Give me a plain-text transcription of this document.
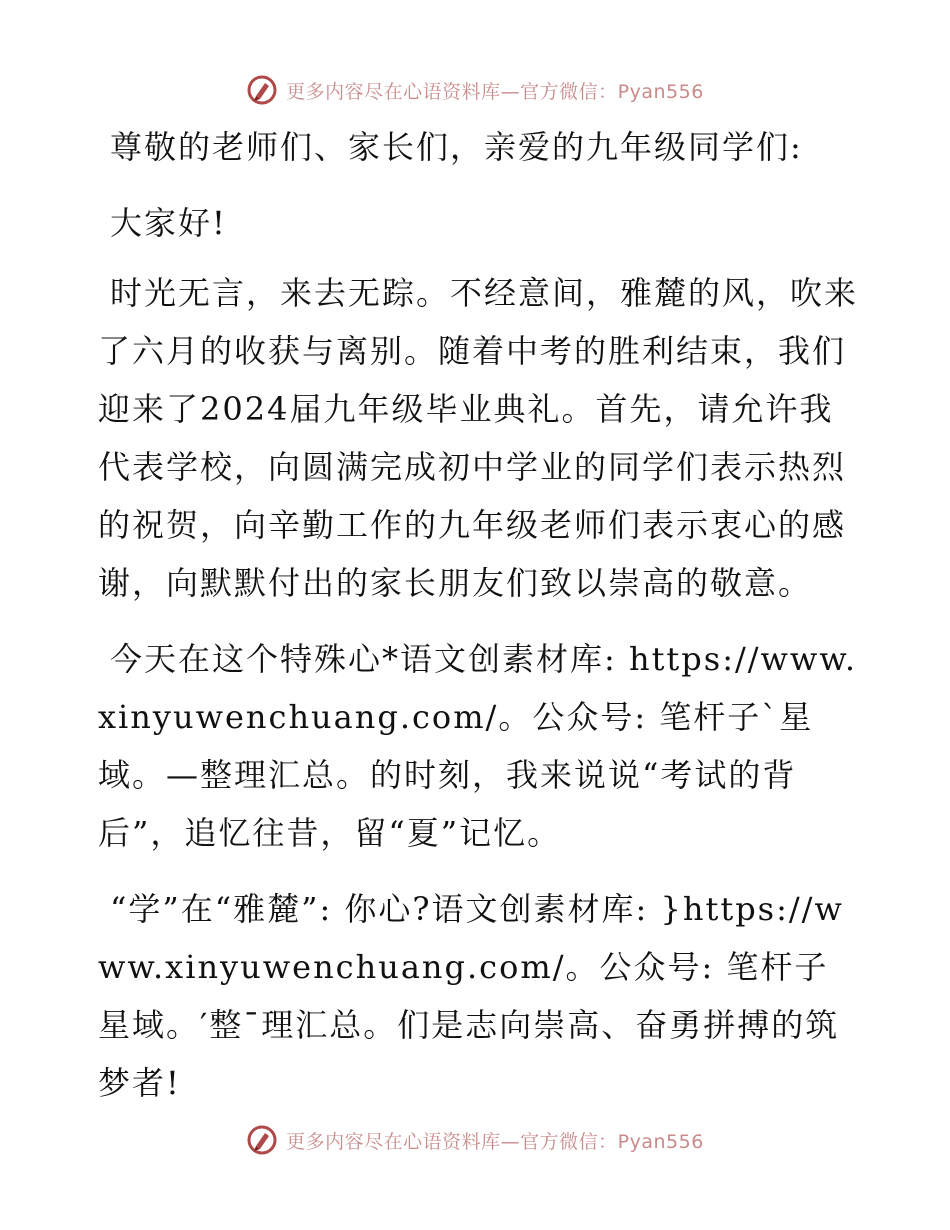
更多内容尽在心语资料库—官方微信：Pyan556

尊敬的老师们、家长们，亲爱的九年级同学们:

大家好!

时光无言，来去无踪。不经意间，雅麓的风，吹来了六月的收获与离别。随着中考的胜利结束，我们迎来了2024届九年级毕业典礼。首先，请允许我代表学校，向圆满完成初中学业的同学们表示热烈的祝贺，向辛勤工作的九年级老师们表示衷心的感谢，向默默付出的家长朋友们致以崇高的敬意。

今天在这个特殊心*语文创素材库: https://www.xinyuwenchuang.com/。公众号: 笔杆子`星域。—整理汇总。的时刻，我来说说“考试的背后”，追忆往昔，留“夏”记忆。

“学”在“雅麓”: 你心?语文创素材库: }https://www.xinyuwenchuang.com/。公众号: 笔杆子星域。′整¯理汇总。们是志向崇高、奋勇拼搏的筑梦者!

更多内容尽在心语资料库—官方微信：Pyan556
